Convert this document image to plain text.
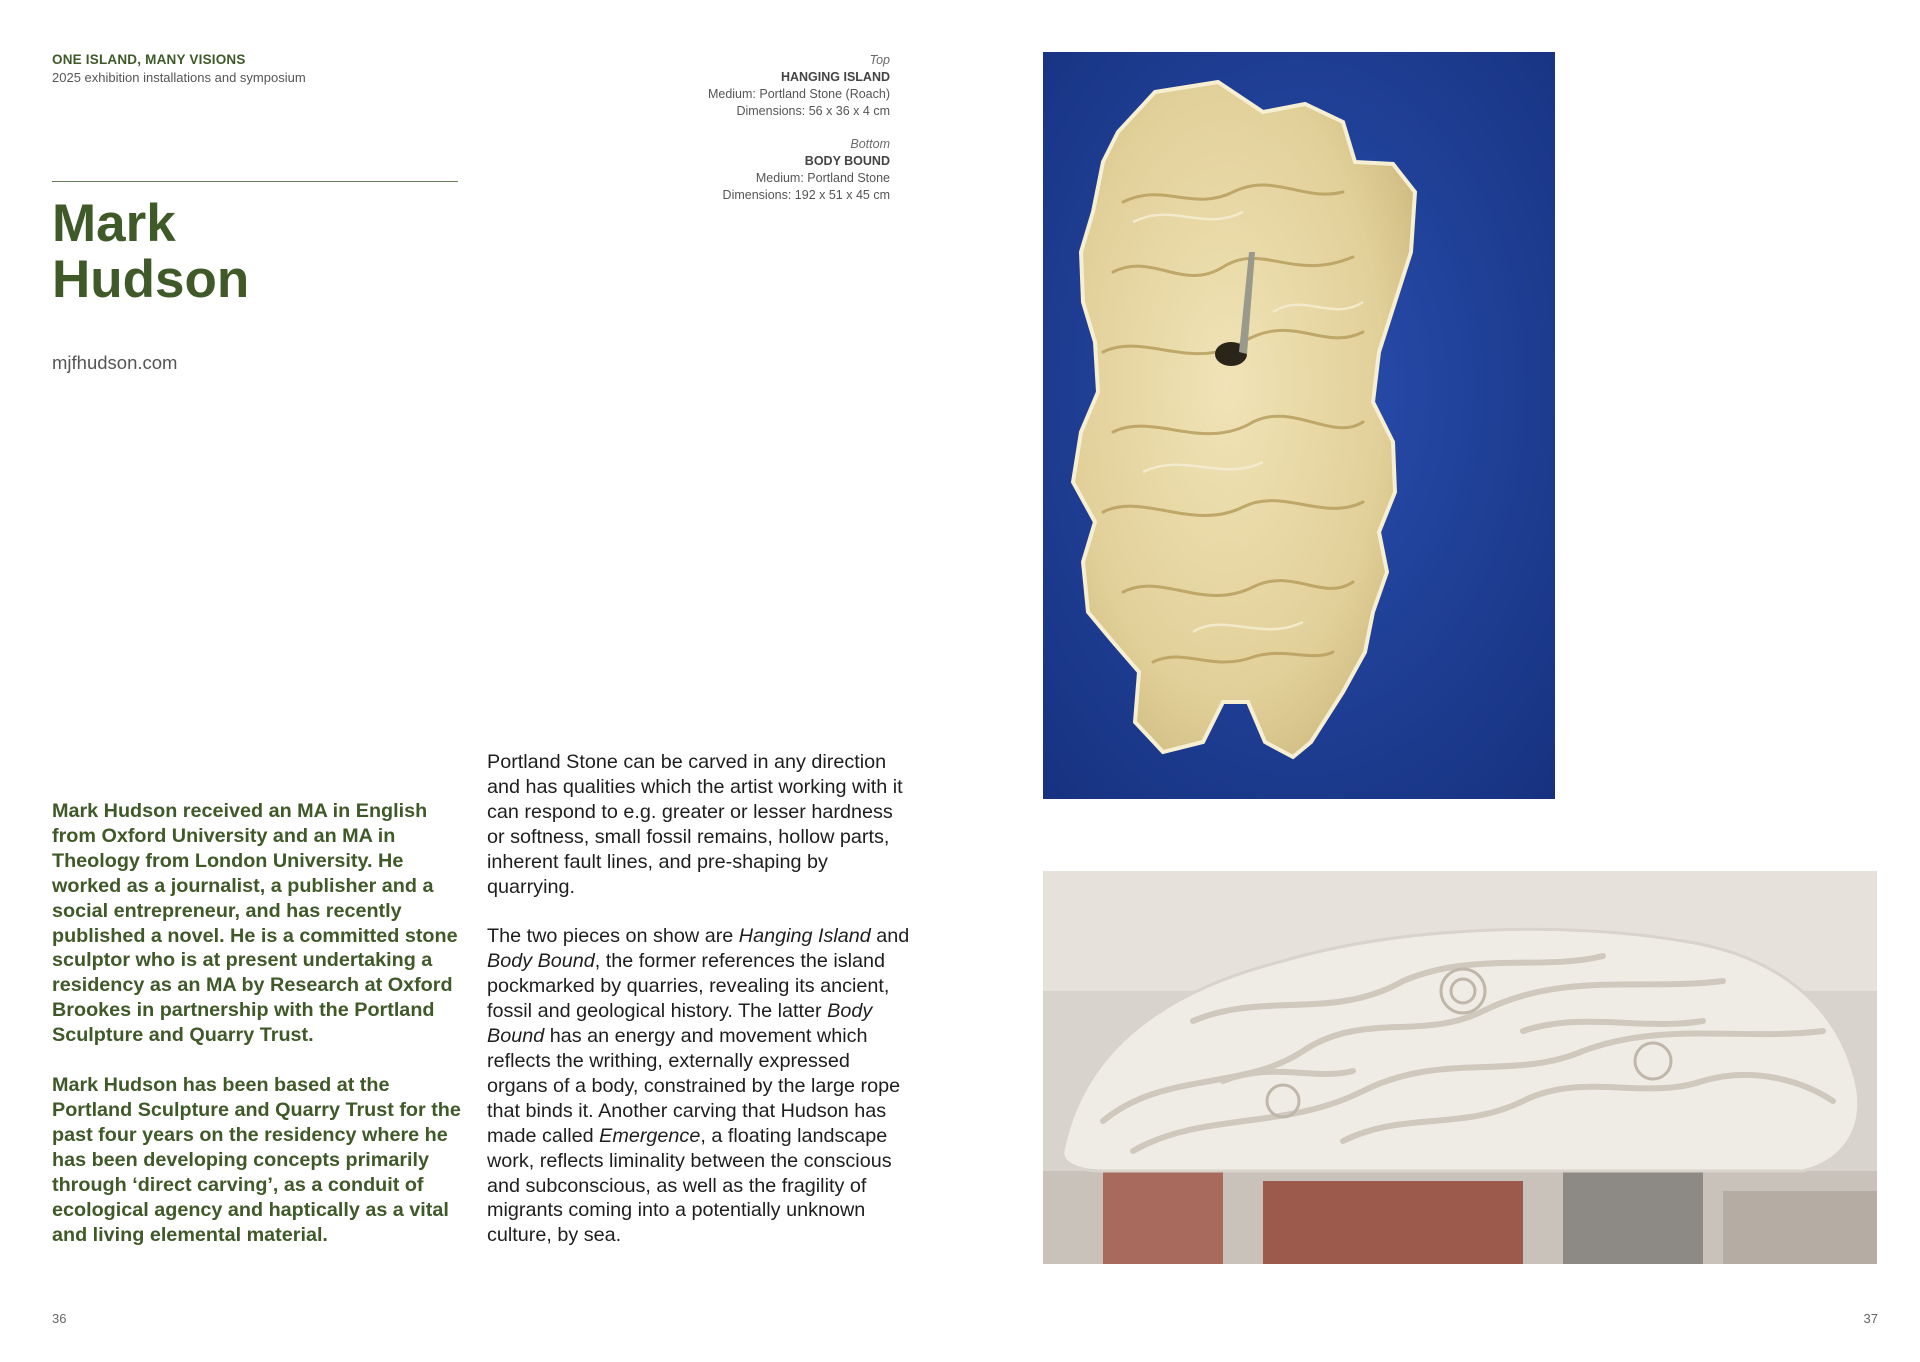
ONE ISLAND, MANY VISIONS
2025 exhibition installations and symposium
Top
HANGING ISLAND
Medium: Portland Stone (Roach)
Dimensions: 56 x 36 x 4 cm
Bottom
BODY BOUND
Medium: Portland Stone
Dimensions: 192 x 51 x 45 cm
Mark
Hudson
mjfhudson.com

Mark Hudson received an MA in English from Oxford University and an MA in Theology from London University. He worked as a journalist, a publisher and a social entrepreneur, and has recently published a novel. He is a committed stone sculptor who is at present undertaking a residency as an MA by Research at Oxford Brookes in partnership with the Portland Sculpture and Quarry Trust.

Mark Hudson has been based at the Portland Sculpture and Quarry Trust for the past four years on the residency where he has been developing concepts primarily through ‘direct carving’, as a conduit of ecological agency and haptically as a vital and living elemental material.

Portland Stone can be carved in any direction and has qualities which the artist working with it can respond to e.g. greater or lesser hardness or softness, small fossil remains, hollow parts, inherent fault lines, and pre-shaping by quarrying.

The two pieces on show are Hanging Island and Body Bound, the former references the island pockmarked by quarries, revealing its ancient, fossil and geological history. The latter Body Bound has an energy and movement which reflects the writhing, externally expressed organs of a body, constrained by the large rope that binds it. Another carving that Hudson has made called Emergence, a floating landscape work, reflects liminality between the conscious and subconscious, as well as the fragility of migrants coming into a potentially unknown culture, by sea.

36	37
